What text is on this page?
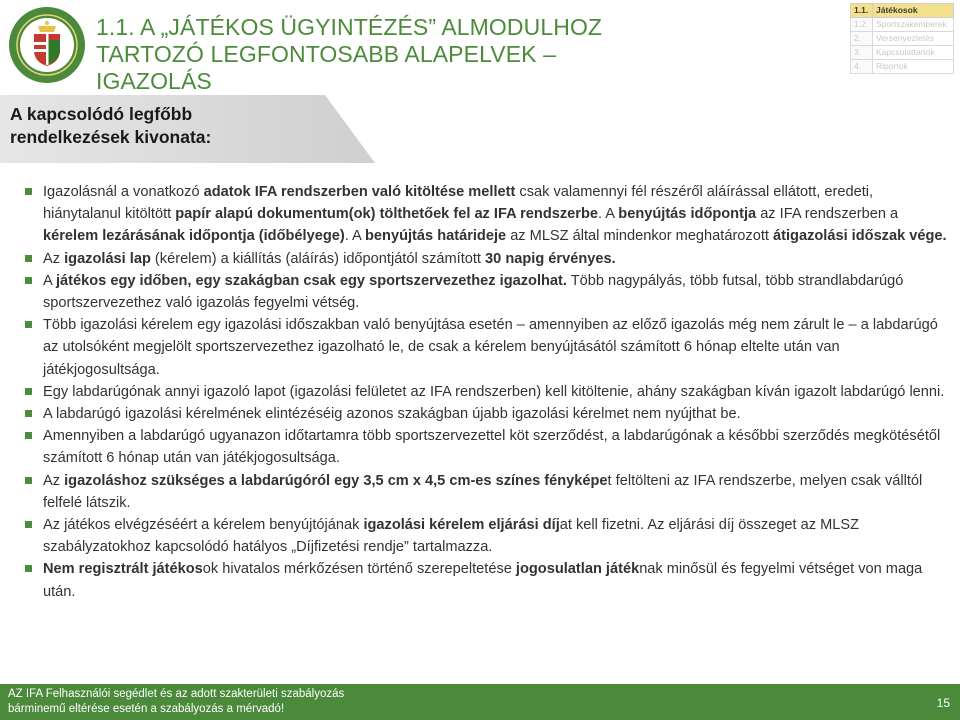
1.1. A „JÁTÉKOS ÜGYINTÉZÉS” ALMODULHOZ
TARTOZÓ LEGFONTOSABB ALAPELVEK – IGAZOLÁS
1.1.	Játékosok
1.2.	Sportszakemberek
2.	Versenyeztetés
3.	Kapcsolattartók
4.	Riportok
A kapcsolódó legfőbb
rendelkezések kivonata:
Igazolásnál a vonatkozó adatok IFA rendszerben való kitöltése mellett csak valamennyi fél részéről aláírással ellátott, eredeti, hiánytalanul kitöltött papír alapú dokumentum(ok) tölthetőek fel az IFA rendszerbe. A benyújtás időpontja az IFA rendszerben a kérelem lezárásának időpontja (időbélyege). A benyújtás határideje az MLSZ által mindenkor meghatározott átigazolási időszak vége.
Az igazolási lap (kérelem) a kiállítás (aláírás) időpontjától számított 30 napig érvényes.
A játékos egy időben, egy szakágban csak egy sportszervezethez igazolhat. Több nagypályás, több futsal, több strandlabdarúgó sportszervezethez való igazolás fegyelmi vétség.
Több igazolási kérelem egy igazolási időszakban való benyújtása esetén – amennyiben az előző igazolás még nem zárult le – a labdarúgó az utolsóként megjelölt sportszervezethez igazolható le, de csak a kérelem benyújtásától számított 6 hónap eltelte után van játékjogosultsága.
Egy labdarúgónak annyi igazoló lapot (igazolási felületet az IFA rendszerben) kell kitöltenie, ahány szakágban kíván igazolt labdarúgó lenni.
A labdarúgó igazolási kérelmének elintézéséig azonos szakágban újabb igazolási kérelmet nem nyújthat be.
Amennyiben a labdarúgó ugyanazon időtartamra több sportszervezettel köt szerződést, a labdarúgónak a későbbi szerződés megkötésétől számított 6 hónap után van játékjogosultsága.
Az igazoláshoz szükséges a labdarúgóról egy 3,5 cm x 4,5 cm-es színes fényképet feltölteni az IFA rendszerbe, melyen csak válltól felfelé látszik.
Az játékos elvégzéséért a kérelem benyújtójának igazolási kérelem eljárási díjat kell fizetni. Az eljárási díj összeget az MLSZ szabályzatokhoz kapcsolódó hatályos „Díjfizetési rendje” tartalmazza.
Nem regisztrált játékosok hivatalos mérkőzésen történő szerepeltetése jogosulatlan játéknak minősül és fegyelmi vétséget von maga után.
AZ IFA Felhasználói segédlet és az adott szakterületi szabályozás
bárminemű eltérése esetén a szabályozás a mérvadó!	15
